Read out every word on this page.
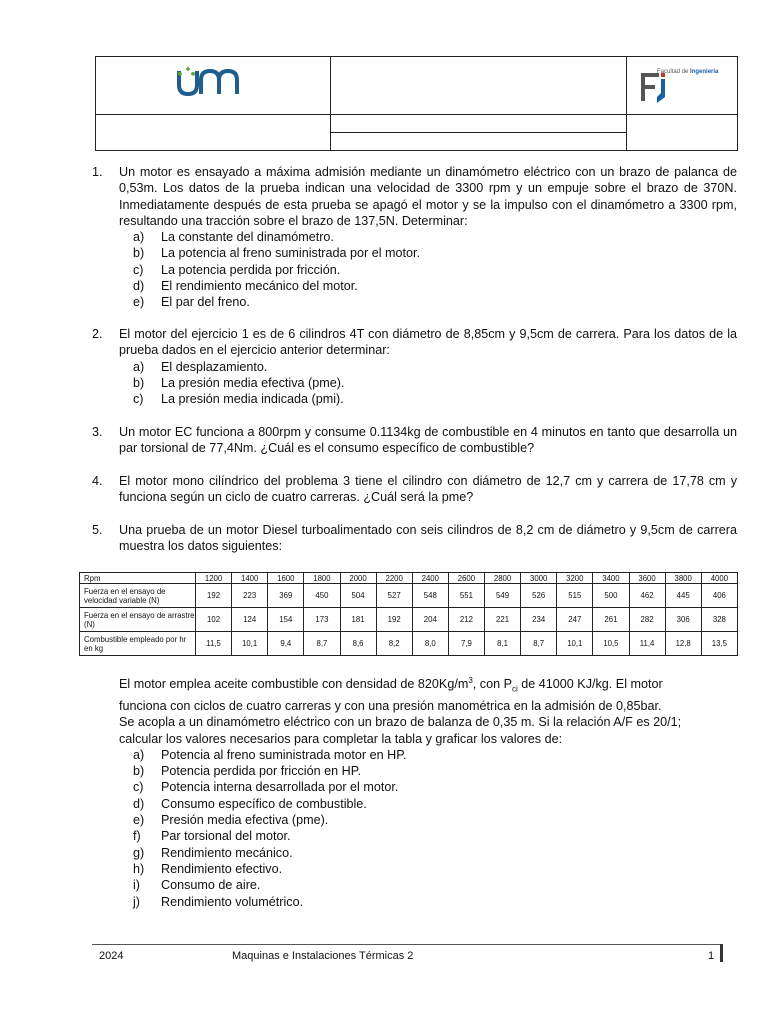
Facultad de Ingeniería
1.	Un motor es ensayado a máxima admisión mediante un dinamómetro eléctrico con un brazo de palanca de 0,53m. Los datos de la prueba indican una velocidad de 3300 rpm y un empuje sobre el brazo de 370N. Inmediatamente después de esta prueba se apagó el motor y se la impulso con el dinamómetro a 3300 rpm, resultando una tracción sobre el brazo de 137,5N. Determinar:
a) La constante del dinamómetro.
b) La potencia al freno suministrada por el motor.
c) La potencia perdida por fricción.
d) El rendimiento mecánico del motor.
e) El par del freno.
2.	El motor del ejercicio 1 es de 6 cilindros 4T con diámetro de 8,85cm y 9,5cm de carrera. Para los datos de la prueba dados en el ejercicio anterior determinar:
a) El desplazamiento.
b) La presión media efectiva (pme).
c) La presión media indicada (pmi).
3.	Un motor EC funciona a 800rpm y consume 0.1134kg de combustible en 4 minutos en tanto que desarrolla un par torsional de 77,4Nm. ¿Cuál es el consumo específico de combustible?
4.	El motor mono cilíndrico del problema 3 tiene el cilindro con diámetro de 12,7 cm y carrera de 17,78 cm y funciona según un ciclo de cuatro carreras. ¿Cuál será la pme?
5.	Una prueba de un motor Diesel turboalimentado con seis cilindros de 8,2 cm de diámetro y 9,5cm de carrera muestra los datos siguientes:
Rpm	1200	1400	1600	1800	2000	2200	2400	2600	2800	3000	3200	3400	3600	3800	4000
Fuerza en el ensayo de velocidad variable (N)	192	223	369	450	504	527	548	551	549	526	515	500	462	445	406
Fuerza en el ensayo de arrastre (N)	102	124	154	173	181	192	204	212	221	234	247	261	282	306	328
Combustible empleado por hr en kg	11,5	10,1	9,4	8,7	8,6	8,2	8,0	7,9	8,1	8,7	10,1	10,5	11,4	12,8	13,5
El motor emplea aceite combustible con densidad de $820Kg/m^3$, con $P_{ci}$ de 41000 KJ/kg. El motor
funciona con ciclos de cuatro carreras y con una presión manométrica en la admisión de 0,85bar.
Se acopla a un dinamómetro eléctrico con un brazo de balanza de 0,35 m. Si la relación A/F es 20/1;
calcular los valores necesarios para completar la tabla y graficar los valores de:
a) Potencia al freno suministrada motor en HP.
b) Potencia perdida por fricción en HP.
c) Potencia interna desarrollada por el motor.
d) Consumo específico de combustible.
e) Presión media efectiva (pme).
f) Par torsional del motor.
g) Rendimiento mecánico.
h) Rendimiento efectivo.
i) Consumo de aire.
j) Rendimiento volumétrico.
2024	Maquinas e Instalaciones Térmicas 2	1
